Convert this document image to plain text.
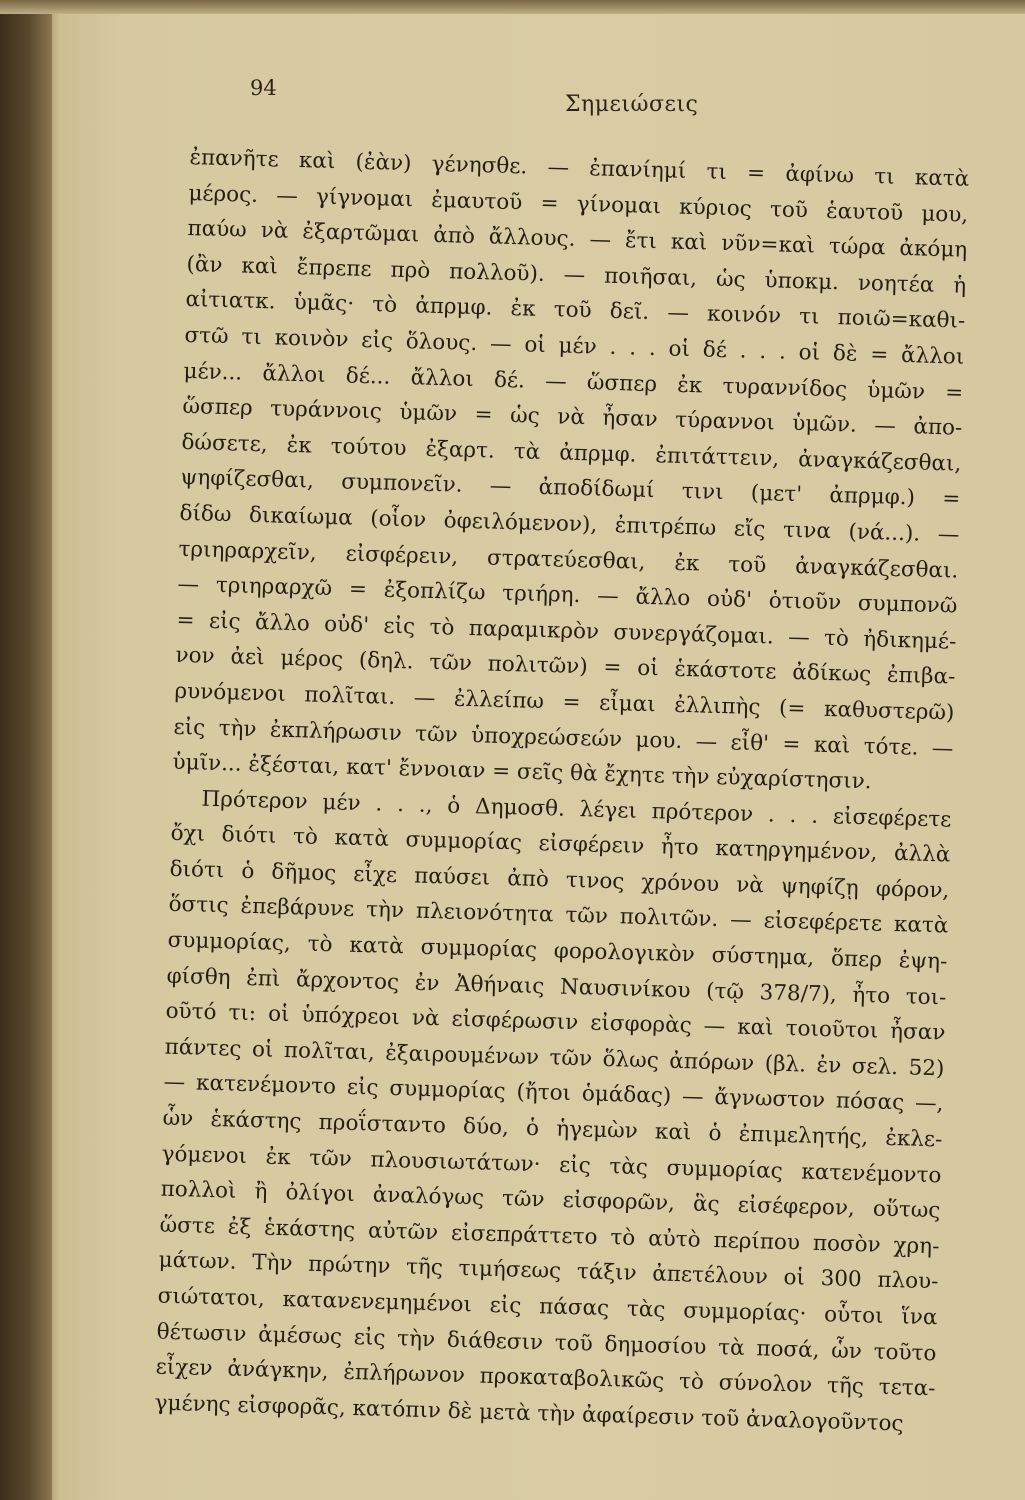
94
Σημειώσεις
ἐπανῆτε καὶ (ἐὰν) γένησθε. — ἐπανίημί τι = ἀφίνω τι κατὰ
μέρος. — γίγνομαι ἐμαυτοῦ = γίνομαι κύριος τοῦ ἑαυτοῦ μου,
παύω νὰ ἐξαρτῶμαι ἀπὸ ἄλλους. — ἔτι καὶ νῦν=καὶ τώρα ἀκόμη
(ἂν καὶ ἔπρεπε πρὸ πολλοῦ). — ποιῆσαι, ὡς ὑποκμ. νοητέα ἡ
αἰτιατκ. ὑμᾶς· τὸ ἀπρμφ. ἐκ τοῦ δεῖ. — κοινόν τι ποιῶ=καθι-
στῶ τι κοινὸν εἰς ὅλους. — οἱ μέν . . . οἱ δέ . . . οἱ δὲ = ἄλλοι
μέν... ἄλλοι δέ... ἄλλοι δέ. — ὥσπερ ἐκ τυραννίδος ὑμῶν =
ὥσπερ τυράννοις ὑμῶν = ὡς νὰ ἦσαν τύραννοι ὑμῶν. — ἀπο-
δώσετε, ἐκ τούτου ἐξαρτ. τὰ ἀπρμφ. ἐπιτάττειν, ἀναγκάζεσθαι,
ψηφίζεσθαι, συμπονεῖν. — ἀποδίδωμί τινι (μετ' ἀπρμφ.) =
δίδω δικαίωμα (οἷον ὀφειλόμενον), ἐπιτρέπω εἴς τινα (νά...). —
τριηραρχεῖν, εἰσφέρειν, στρατεύεσθαι, ἐκ τοῦ ἀναγκάζεσθαι.
— τριηραρχῶ = ἐξοπλίζω τριήρη. — ἄλλο οὐδ' ὁτιοῦν συμπονῶ
= εἰς ἄλλο οὐδ' εἰς τὸ παραμικρὸν συνεργάζομαι. — τὸ ἠδικημέ-
νον ἀεὶ μέρος (δηλ. τῶν πολιτῶν) = οἱ ἑκάστοτε ἀδίκως ἐπιβα-
ρυνόμενοι πολῖται. — ἐλλείπω = εἶμαι ἐλλιπὴς (= καθυστερῶ)
εἰς τὴν ἐκπλήρωσιν τῶν ὑποχρεώσεών μου. — εἶθ' = καὶ τότε. —
ὑμῖν... ἐξέσται, κατ' ἔννοιαν = σεῖς θὰ ἔχητε τὴν εὐχαρίστησιν.
Πρότερον μέν . . ., ὁ Δημοσθ. λέγει πρότερον . . . εἰσεφέρετε
ὄχι διότι τὸ κατὰ συμμορίας εἰσφέρειν ἦτο κατηργημένον, ἀλλὰ
διότι ὁ δῆμος εἶχε παύσει ἀπὸ τινος χρόνου νὰ ψηφίζῃ φόρον,
ὅστις ἐπεβάρυνε τὴν πλειονότητα τῶν πολιτῶν. — εἰσεφέρετε κατὰ
συμμορίας, τὸ κατὰ συμμορίας φορολογικὸν σύστημα, ὅπερ ἐψη-
φίσθη ἐπὶ ἄρχοντος ἐν Ἀθήναις Ναυσινίκου (τῷ 378/7), ἦτο τοι-
οῦτό τι: οἱ ὑπόχρεοι νὰ εἰσφέρωσιν εἰσφορὰς — καὶ τοιοῦτοι ἦσαν
πάντες οἱ πολῖται, ἐξαιρουμένων τῶν ὅλως ἀπόρων (βλ. ἐν σελ. 52)
— κατενέμοντο εἰς συμμορίας (ἤτοι ὁμάδας) — ἄγνωστον πόσας —,
ὧν ἑκάστης προΐσταντο δύο, ὁ ἡγεμὼν καὶ ὁ ἐπιμελητής, ἐκλε-
γόμενοι ἐκ τῶν πλουσιωτάτων· εἰς τὰς συμμορίας κατενέμοντο
πολλοὶ ἢ ὀλίγοι ἀναλόγως τῶν εἰσφορῶν, ἃς εἰσέφερον, οὕτως
ὥστε ἐξ ἑκάστης αὐτῶν εἰσεπράττετο τὸ αὐτὸ περίπου ποσὸν χρη-
μάτων. Τὴν πρώτην τῆς τιμήσεως τάξιν ἀπετέλουν οἱ 300 πλου-
σιώτατοι, κατανενεμημένοι εἰς πάσας τὰς συμμορίας· οὗτοι ἵνα
θέτωσιν ἀμέσως εἰς τὴν διάθεσιν τοῦ δημοσίου τὰ ποσά, ὧν τοῦτο
εἶχεν ἀνάγκην, ἐπλήρωνον προκαταβολικῶς τὸ σύνολον τῆς τετα-
γμένης εἰσφορᾶς, κατόπιν δὲ μετὰ τὴν ἀφαίρεσιν τοῦ ἀναλογοῦντος
